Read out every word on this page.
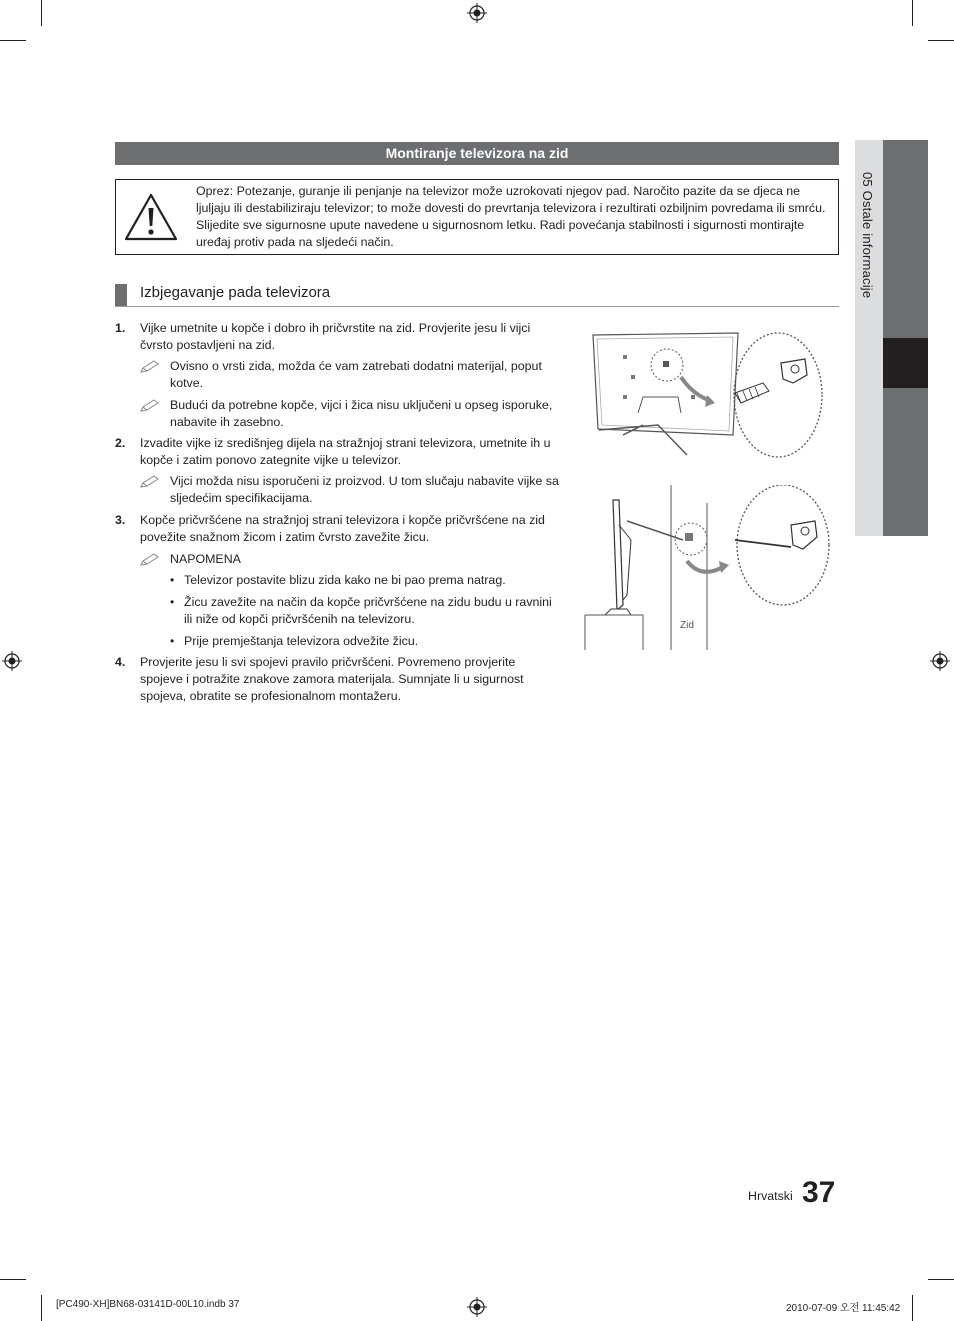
Montiranje televizora na zid
Oprez: Potezanje, guranje ili penjanje na televizor može uzrokovati njegov pad. Naročito pazite da se djeca ne ljuljaju ili destabiliziraju televizor; to može dovesti do prevrtanja televizora i rezultirati ozbiljnim povredama ili smrću. Slijedite sve sigurnosne upute navedene u sigurnosnom letku. Radi povećanja stabilnosti i sigurnosti montirajte uređaj protiv pada na sljedeći način.
Izbjegavanje pada televizora
1. Vijke umetnite u kopče i dobro ih pričvrstite na zid. Provjerite jesu li vijci čvrsto postavljeni na zid.
Ovisno o vrsti zida, možda će vam zatrebati dodatni materijal, poput kotve.
Budući da potrebne kopče, vijci i žica nisu uključeni u opseg isporuke, nabavite ih zasebno.
2. Izvadite vijke iz središnjeg dijela na stražnjoj strani televizora, umetnite ih u kopče i zatim ponovo zategnite vijke u televizor.
Vijci možda nisu isporučeni iz proizvod. U tom slučaju nabavite vijke sa sljedećim specifikacijama.
3. Kopče pričvršćene na stražnjoj strani televizora i kopče pričvršćene na zid povežite snažnom žicom i zatim čvrsto zavežite žicu.
NAPOMENA
• Televizor postavite blizu zida kako ne bi pao prema natrag.
• Žicu zavežite na način da kopče pričvršćene na zidu budu u ravnini ili niže od kopči pričvršćenih na televizoru.
• Prije premještanja televizora odvežite žicu.
4. Provjerite jesu li svi spojevi pravilo pričvršćeni. Povremeno provjerite spojeve i potražite znakove zamora materijala. Sumnjate li u sigurnost spojeva, obratite se profesionalnom montažeru.
Zid
05 Ostale informacije
Hrvatski 37
[PC490-XH]BN68-03141D-00L10.indb 37	2010-07-09 오전 11:45:42
